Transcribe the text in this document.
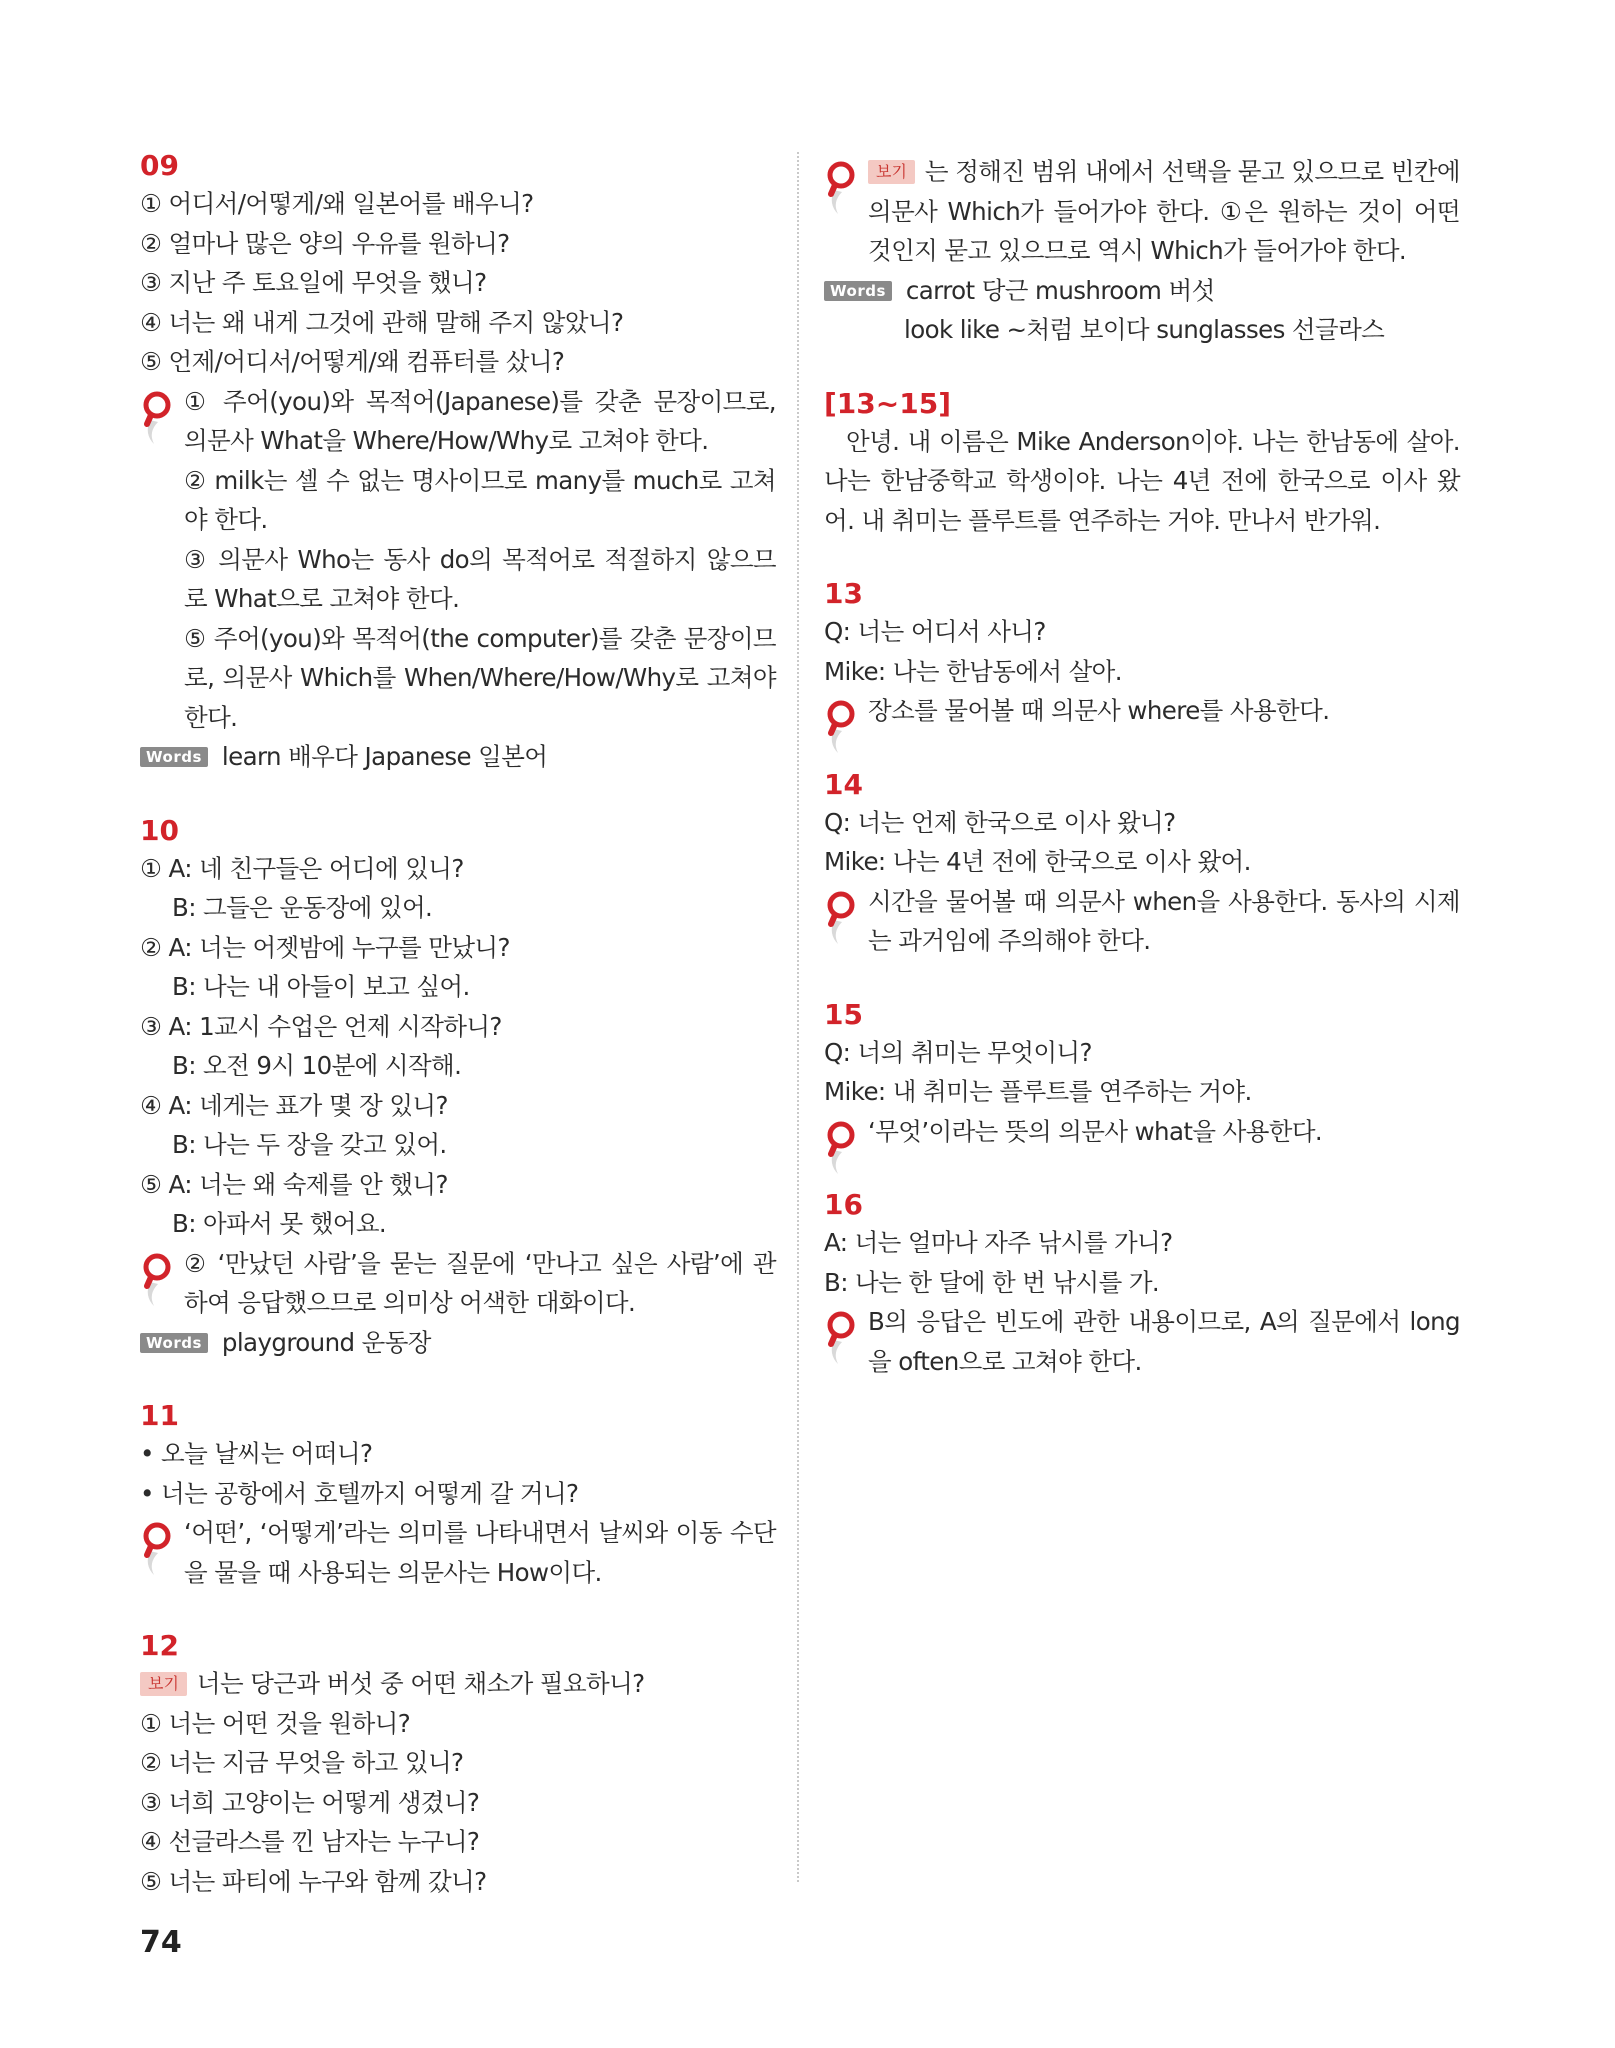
09
① 어디서/어떻게/왜 일본어를 배우니?
② 얼마나 많은 양의 우유를 원하니?
③ 지난 주 토요일에 무엇을 했니?
④ 너는 왜 내게 그것에 관해 말해 주지 않았니?
⑤ 언제/어디서/어떻게/왜 컴퓨터를 샀니?
① 주어(you)와 목적어(Japanese)를 갖춘 문장이므로, 의문사 What을 Where/How/Why로 고쳐야 한다.
② milk는 셀 수 없는 명사이므로 many를 much로 고쳐야 한다.
③ 의문사 Who는 동사 do의 목적어로 적절하지 않으므로 What으로 고쳐야 한다.
⑤ 주어(you)와 목적어(the computer)를 갖춘 문장이므로, 의문사 Which를 When/Where/How/Why로 고쳐야 한다.
Words learn 배우다 Japanese 일본어
10
① A: 네 친구들은 어디에 있니?
B: 그들은 운동장에 있어.
② A: 너는 어젯밤에 누구를 만났니?
B: 나는 내 아들이 보고 싶어.
③ A: 1교시 수업은 언제 시작하니?
B: 오전 9시 10분에 시작해.
④ A: 네게는 표가 몇 장 있니?
B: 나는 두 장을 갖고 있어.
⑤ A: 너는 왜 숙제를 안 했니?
B: 아파서 못 했어요.
② ‘만났던 사람’을 묻는 질문에 ‘만나고 싶은 사람’에 관하여 응답했으므로 의미상 어색한 대화이다.
Words playground 운동장
11
• 오늘 날씨는 어떠니?
• 너는 공항에서 호텔까지 어떻게 갈 거니?
‘어떤’, ‘어떻게’라는 의미를 나타내면서 날씨와 이동 수단을 물을 때 사용되는 의문사는 How이다.
12
보기 너는 당근과 버섯 중 어떤 채소가 필요하니?
① 너는 어떤 것을 원하니?
② 너는 지금 무엇을 하고 있니?
③ 너희 고양이는 어떻게 생겼니?
④ 선글라스를 낀 남자는 누구니?
⑤ 너는 파티에 누구와 함께 갔니?
보기 는 정해진 범위 내에서 선택을 묻고 있으므로 빈칸에 의문사 Which가 들어가야 한다. ①은 원하는 것이 어떤 것인지 묻고 있으므로 역시 Which가 들어가야 한다.
Words carrot 당근 mushroom 버섯
look like ~처럼 보이다 sunglasses 선글라스
[13~15]
안녕. 내 이름은 Mike Anderson이야. 나는 한남동에 살아. 나는 한남중학교 학생이야. 나는 4년 전에 한국으로 이사 왔어. 내 취미는 플루트를 연주하는 거야. 만나서 반가워.
13
Q: 너는 어디서 사니?
Mike: 나는 한남동에서 살아.
장소를 물어볼 때 의문사 where를 사용한다.
14
Q: 너는 언제 한국으로 이사 왔니?
Mike: 나는 4년 전에 한국으로 이사 왔어.
시간을 물어볼 때 의문사 when을 사용한다. 동사의 시제는 과거임에 주의해야 한다.
15
Q: 너의 취미는 무엇이니?
Mike: 내 취미는 플루트를 연주하는 거야.
‘무엇’이라는 뜻의 의문사 what을 사용한다.
16
A: 너는 얼마나 자주 낚시를 가니?
B: 나는 한 달에 한 번 낚시를 가.
B의 응답은 빈도에 관한 내용이므로, A의 질문에서 long을 often으로 고쳐야 한다.
74
